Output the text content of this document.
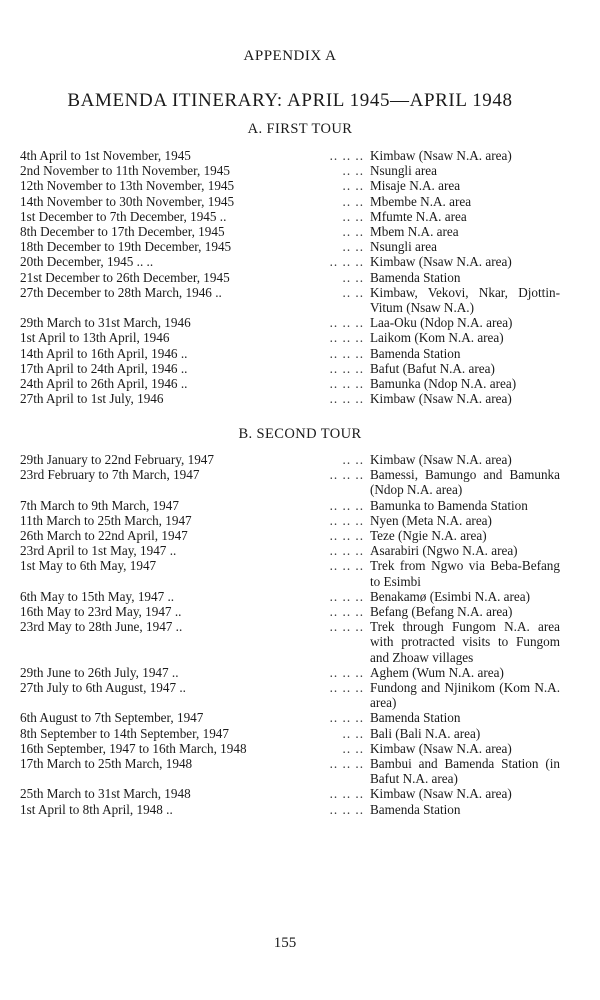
APPENDIX A
BAMENDA ITINERARY: APRIL 1945—APRIL 1948
A. FIRST TOUR
4th April to 1st November, 1945	.. .. .. Kimbaw (Nsaw N.A. area)
2nd November to 11th November, 1945	.. .. Nsungli area
12th November to 13th November, 1945	.. .. Misaje N.A. area
14th November to 30th November, 1945	.. .. Mbembe N.A. area
1st December to 7th December, 1945 ..	.. .. Mfumte N.A. area
8th December to 17th December, 1945	.. .. Mbem N.A. area
18th December to 19th December, 1945	.. .. Nsungli area
20th December, 1945 .. ..	.. .. .. Kimbaw (Nsaw N.A. area)
21st December to 26th December, 1945	.. .. Bamenda Station
27th December to 28th March, 1946 ..	.. .. Kimbaw, Vekovi, Nkar, Djottin-Vitum (Nsaw N.A.)
29th March to 31st March, 1946	.. .. .. Laa-Oku (Ndop N.A. area)
1st April to 13th April, 1946	.. .. .. Laikom (Kom N.A. area)
14th April to 16th April, 1946 ..	.. .. .. Bamenda Station
17th April to 24th April, 1946 ..	.. .. .. Bafut (Bafut N.A. area)
24th April to 26th April, 1946 ..	.. .. .. Bamunka (Ndop N.A. area)
27th April to 1st July, 1946	.. .. .. Kimbaw (Nsaw N.A. area)
B. SECOND TOUR
29th January to 22nd February, 1947	.. .. Kimbaw (Nsaw N.A. area)
23rd February to 7th March, 1947	.. .. .. Bamessi, Bamungo and Bamunka (Ndop N.A. area)
7th March to 9th March, 1947	.. .. .. Bamunka to Bamenda Station
11th March to 25th March, 1947	.. .. .. Nyen (Meta N.A. area)
26th March to 22nd April, 1947	.. .. .. Teze (Ngie N.A. area)
23rd April to 1st May, 1947 ..	.. .. .. Asarabiri (Ngwo N.A. area)
1st May to 6th May, 1947	.. .. .. Trek from Ngwo via Beba-Befang to Esimbi
6th May to 15th May, 1947 ..	.. .. .. Benakamø (Esimbi N.A. area)
16th May to 23rd May, 1947 ..	.. .. .. Befang (Befang N.A. area)
23rd May to 28th June, 1947 ..	.. .. .. Trek through Fungom N.A. area with protracted visits to Fungom and Zhoaw villages
29th June to 26th July, 1947 ..	.. .. .. Aghem (Wum N.A. area)
27th July to 6th August, 1947 ..	.. .. .. Fundong and Njinikom (Kom N.A. area)
6th August to 7th September, 1947	.. .. .. Bamenda Station
8th September to 14th September, 1947	.. .. Bali (Bali N.A. area)
16th September, 1947 to 16th March, 1948	.. .. Kimbaw (Nsaw N.A. area)
17th March to 25th March, 1948	.. .. .. Bambui and Bamenda Station (in Bafut N.A. area)
25th March to 31st March, 1948	.. .. .. Kimbaw (Nsaw N.A. area)
1st April to 8th April, 1948 ..	.. .. .. Bamenda Station
155
